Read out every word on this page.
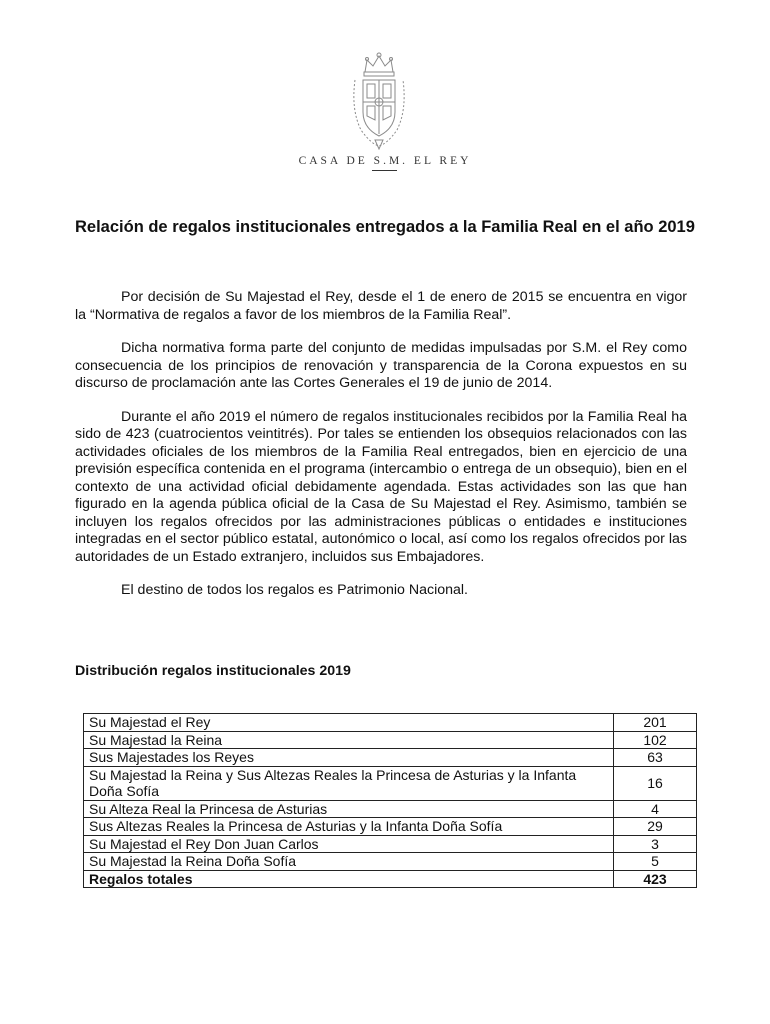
CASA DE S.M. EL REY
Relación de regalos institucionales entregados a la Familia Real en el año 2019

Por decisión de Su Majestad el Rey, desde el 1 de enero de 2015 se encuentra en vigor la “Normativa de regalos a favor de los miembros de la Familia Real”.

Dicha normativa forma parte del conjunto de medidas impulsadas por S.M. el Rey como consecuencia de los principios de renovación y transparencia de la Corona expuestos en su discurso de proclamación ante las Cortes Generales el 19 de junio de 2014.

Durante el año 2019 el número de regalos institucionales recibidos por la Familia Real ha sido de 423 (cuatrocientos veintitrés). Por tales se entienden los obsequios relacionados con las actividades oficiales de los miembros de la Familia Real entregados, bien en ejercicio de una previsión específica contenida en el programa (intercambio o entrega de un obsequio), bien en el contexto de una actividad oficial debidamente agendada. Estas actividades son las que han figurado en la agenda pública oficial de la Casa de Su Majestad el Rey. Asimismo, también se incluyen los regalos ofrecidos por las administraciones públicas o entidades e instituciones integradas en el sector público estatal, autonómico o local, así como los regalos ofrecidos por las autoridades de un Estado extranjero, incluidos sus Embajadores.

El destino de todos los regalos es Patrimonio Nacional.

Distribución regalos institucionales 2019
Su Majestad el Rey	201
Su Majestad la Reina	102
Sus Majestades los Reyes	63
Su Majestad la Reina y Sus Altezas Reales la Princesa de Asturias y la Infanta Doña Sofía	16
Su Alteza Real la Princesa de Asturias	4
Sus Altezas Reales la Princesa de Asturias y la Infanta Doña Sofía	29
Su Majestad el Rey Don Juan Carlos	3
Su Majestad la Reina Doña Sofía	5
Regalos totales	423
